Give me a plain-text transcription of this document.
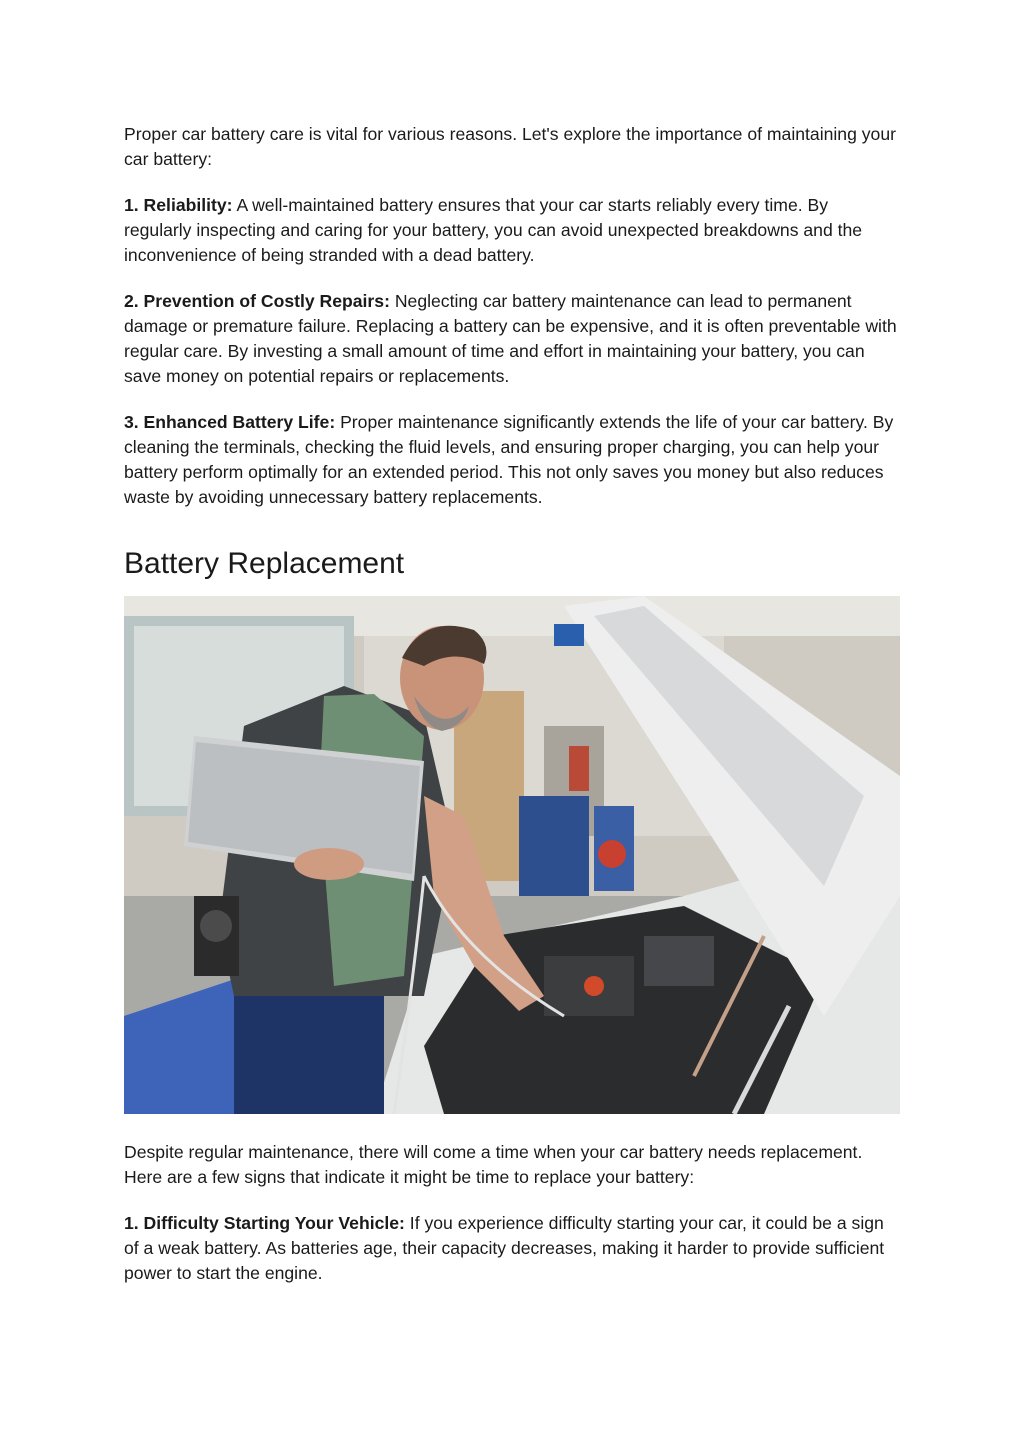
Proper car battery care is vital for various reasons. Let's explore the importance of maintaining your car battery:

1. Reliability: A well-maintained battery ensures that your car starts reliably every time. By regularly inspecting and caring for your battery, you can avoid unexpected breakdowns and the inconvenience of being stranded with a dead battery.

2. Prevention of Costly Repairs: Neglecting car battery maintenance can lead to permanent damage or premature failure. Replacing a battery can be expensive, and it is often preventable with regular care. By investing a small amount of time and effort in maintaining your battery, you can save money on potential repairs or replacements.

3. Enhanced Battery Life: Proper maintenance significantly extends the life of your car battery. By cleaning the terminals, checking the fluid levels, and ensuring proper charging, you can help your battery perform optimally for an extended period. This not only saves you money but also reduces waste by avoiding unnecessary battery replacements.

Battery Replacement

Despite regular maintenance, there will come a time when your car battery needs replacement. Here are a few signs that indicate it might be time to replace your battery:

1. Difficulty Starting Your Vehicle: If you experience difficulty starting your car, it could be a sign of a weak battery. As batteries age, their capacity decreases, making it harder to provide sufficient power to start the engine.
